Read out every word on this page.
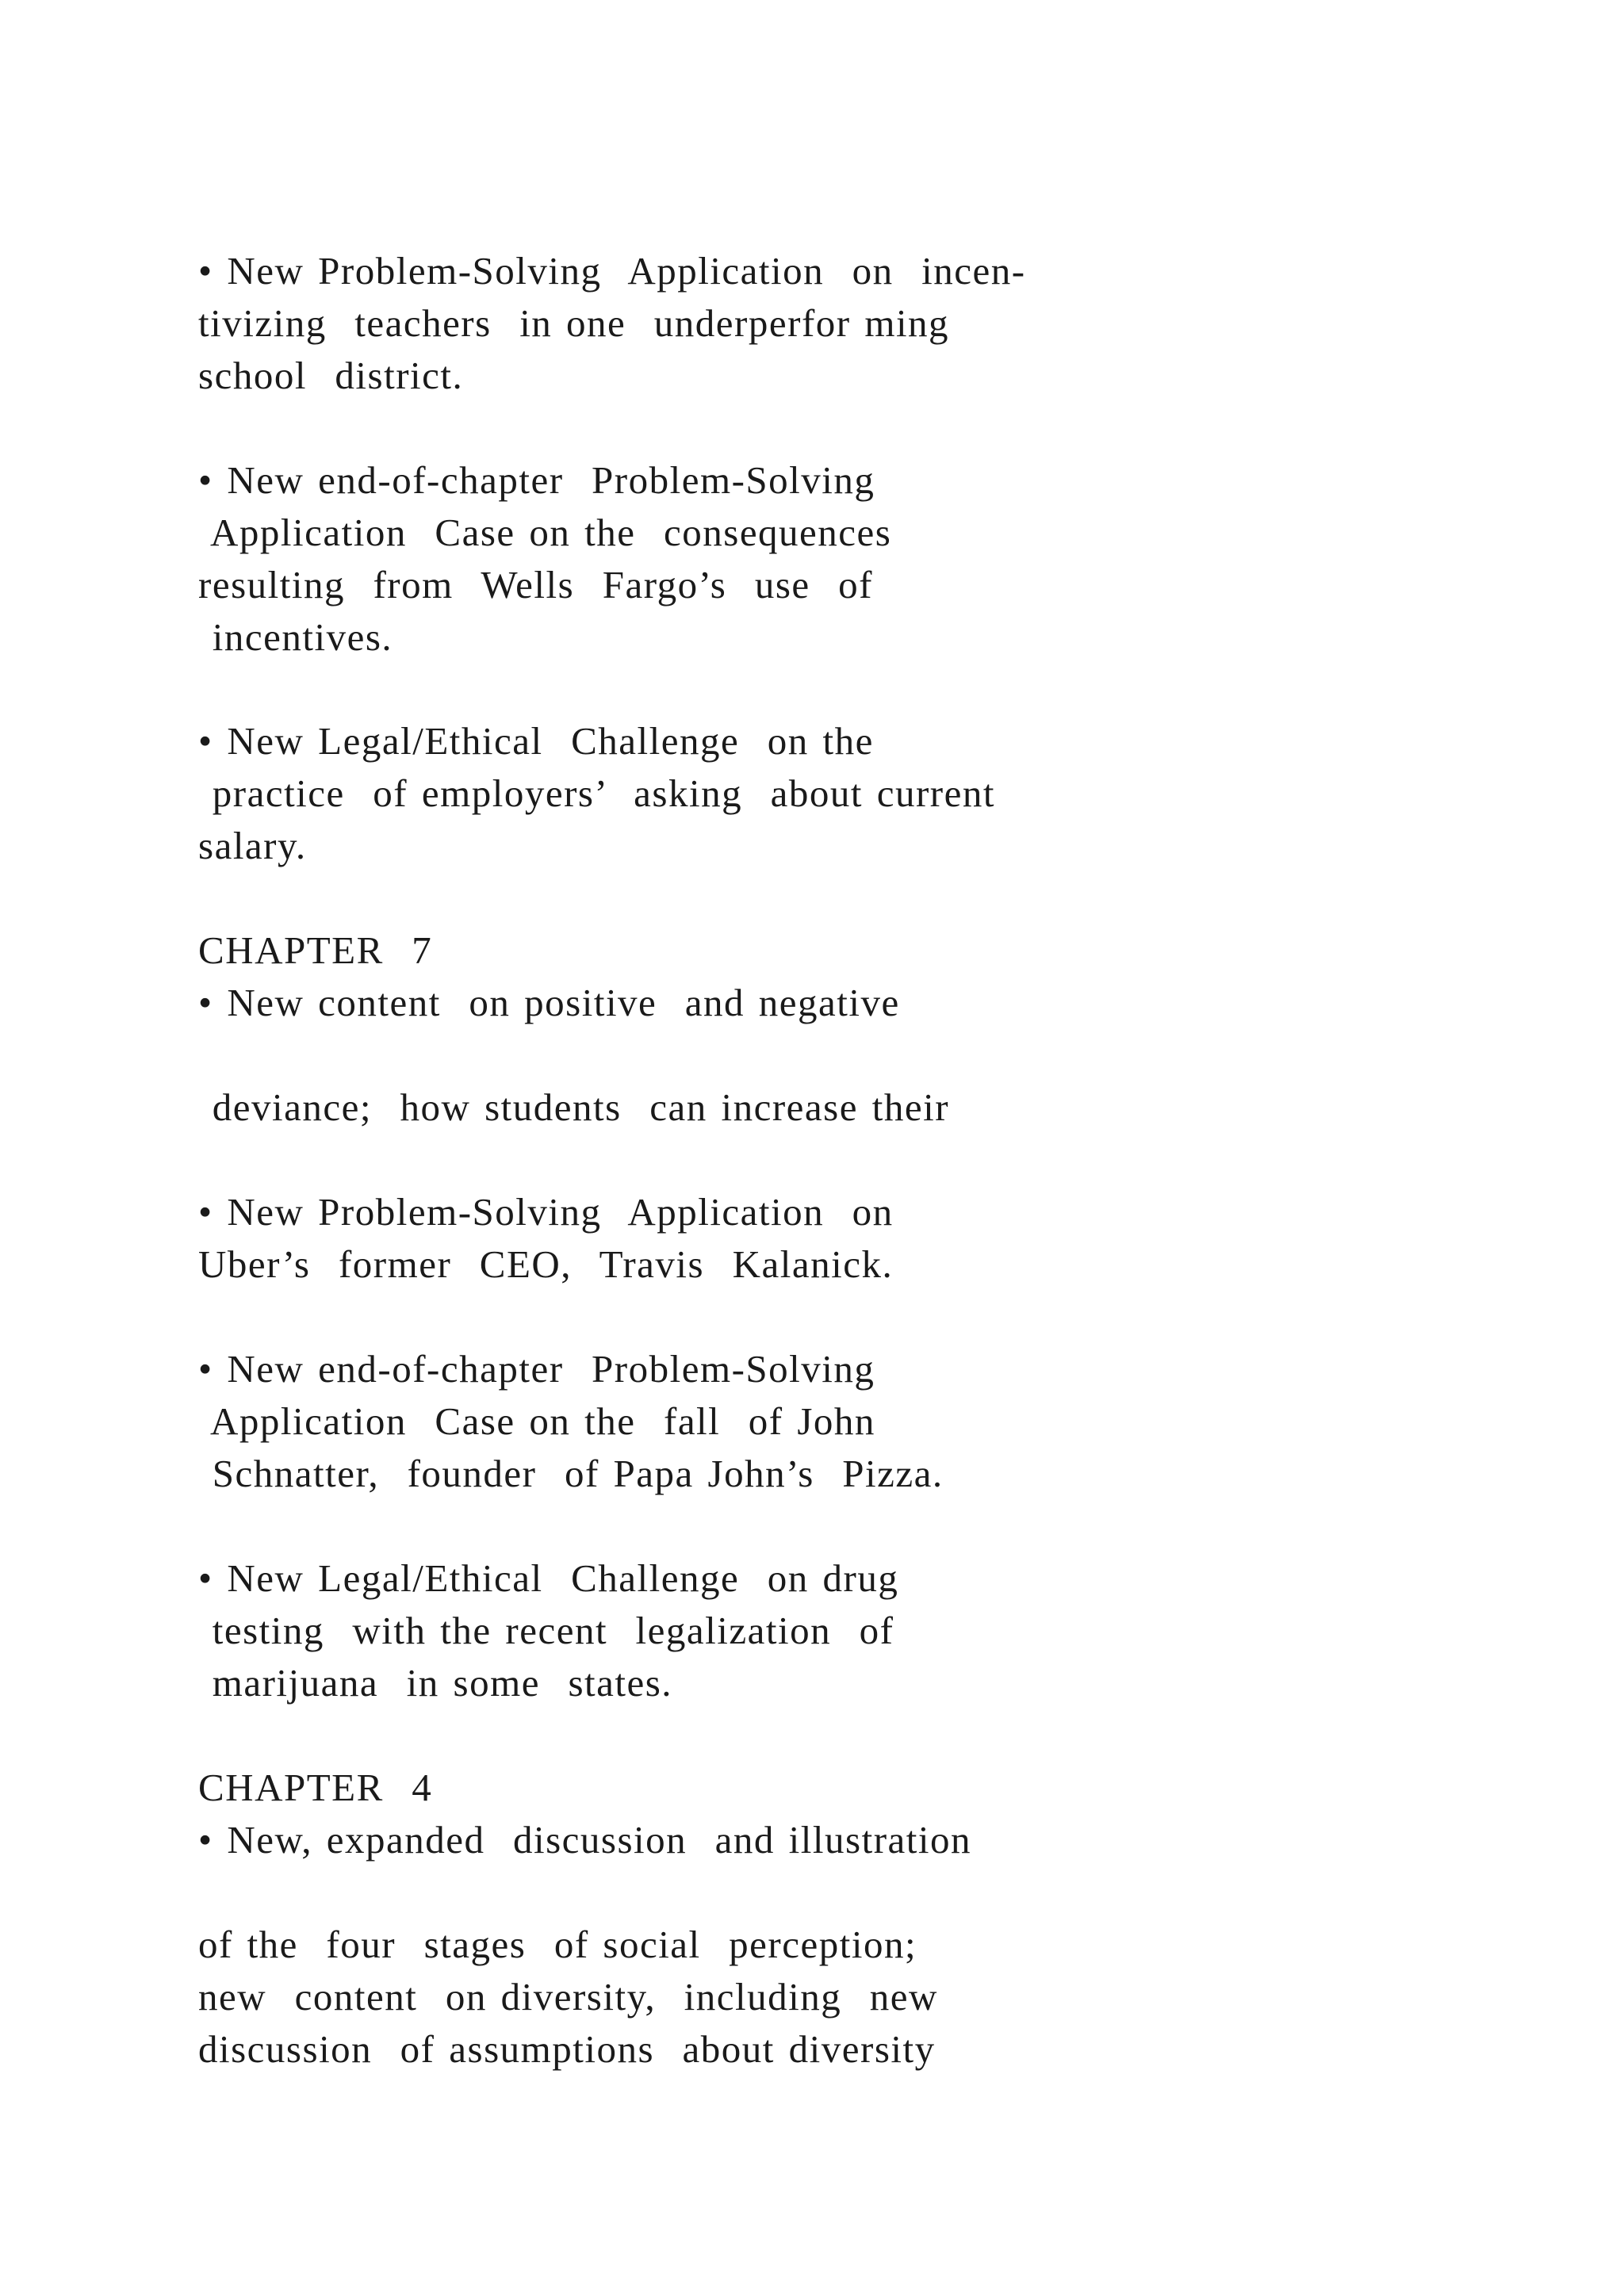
• New Problem-Solving  Application  on  incen-

tivizing  teachers  in one  underperfor ming

school  district.

• New end-of-chapter  Problem-Solving

Application  Case on the  consequences

resulting  from  Wells  Fargo’s  use  of

incentives.

• New Legal/Ethical  Challenge  on the

practice  of employers’  asking  about current

salary.

CHAPTER  7

• New content  on positive  and negative

deviance;  how students  can increase their

• New Problem-Solving  Application  on

Uber’s  former  CEO,  Travis  Kalanick.

• New end-of-chapter  Problem-Solving

Application  Case on the  fall  of John

Schnatter,  founder  of Papa John’s  Pizza.

• New Legal/Ethical  Challenge  on drug

testing  with the recent  legalization  of

marijuana  in some  states.

CHAPTER  4

• New, expanded  discussion  and illustration

of the  four  stages  of social  perception;

new  content  on diversity,  including  new

discussion  of assumptions  about diversity
